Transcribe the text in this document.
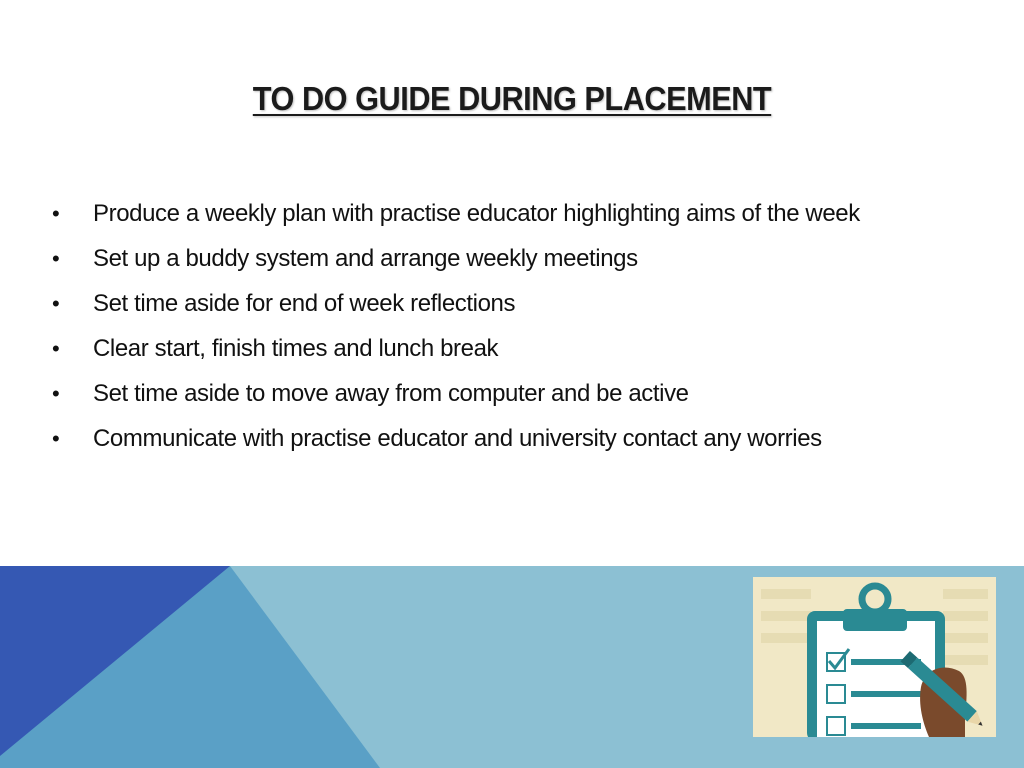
TO DO GUIDE DURING PLACEMENT
•	Produce a weekly plan with practise educator highlighting aims of the week
•	Set up a buddy system and arrange weekly meetings
•	Set time aside for end of week reflections
•	Clear start, finish times and lunch break
•	Set time aside to move away from computer and be active
•	Communicate with practise educator and university contact any worries
